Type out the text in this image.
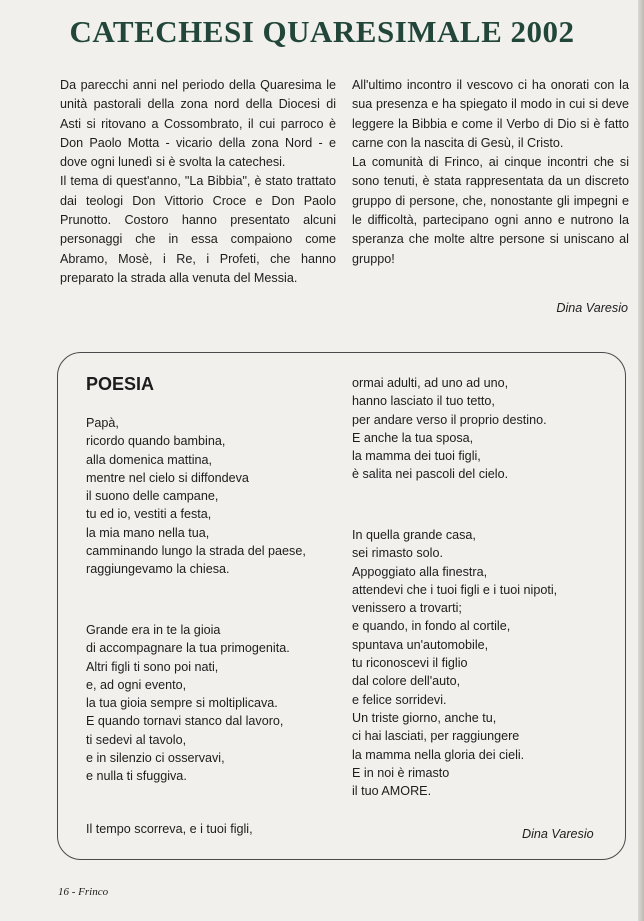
CATECHESI QUARESIMALE 2002

Da parecchi anni nel periodo della Quaresima le unità pastorali della zona nord della Diocesi di Asti si ritovano a Cossombrato, il cui parroco è Don Paolo Motta - vicario della zona Nord - e dove ogni lunedì si è svolta la catechesi.

Il tema di quest'anno, "La Bibbia", è stato trattato dai teologi Don Vittorio Croce e Don Paolo Prunotto. Costoro hanno presentato alcuni personaggi che in essa compaiono come Abramo, Mosè, i Re, i Profeti, che hanno preparato la strada alla venuta del Messia.

All'ultimo incontro il vescovo ci ha onorati con la sua presenza e ha spiegato il modo in cui si deve leggere la Bibbia e come il Verbo di Dio si è fatto carne con la nascita di Gesù, il Cristo.

La comunità di Frinco, ai cinque incontri che si sono tenuti, è stata rappresentata da un discreto gruppo di persone, che, nonostante gli impegni e le difficoltà, partecipano ogni anno e nutrono la speranza che molte altre persone si uniscano al gruppo!

Dina Varesio
POESIA
Papà,
ricordo quando bambina,
alla domenica mattina,
mentre nel cielo si diffondeva
il suono delle campane,
tu ed io, vestiti a festa,
la mia mano nella tua,
camminando lungo la strada del paese,
raggiungevamo la chiesa.
Grande era in te la gioia
di accompagnare la tua primogenita.
Altri figli ti sono poi nati,
e, ad ogni evento,
la tua gioia sempre si moltiplicava.
E quando tornavi stanco dal lavoro,
ti sedevi al tavolo,
e in silenzio ci osservavi,
e nulla ti sfuggiva.
Il tempo scorreva, e i tuoi figli,
ormai adulti, ad uno ad uno,
hanno lasciato il tuo tetto,
per andare verso il proprio destino.
E anche la tua sposa,
la mamma dei tuoi figli,
è salita nei pascoli del cielo.
In quella grande casa,
sei rimasto solo.
Appoggiato alla finestra,
attendevi che i tuoi figli e i tuoi nipoti,
venissero a trovarti;
e quando, in fondo al cortile,
spuntava un'automobile,
tu riconoscevi il figlio
dal colore dell'auto,
e felice sorridevi.
Un triste giorno, anche tu,
ci hai lasciati, per raggiungere
la mamma nella gloria dei cieli.
E in noi è rimasto
il tuo AMORE.
Dina Varesio
16 - Frinco
